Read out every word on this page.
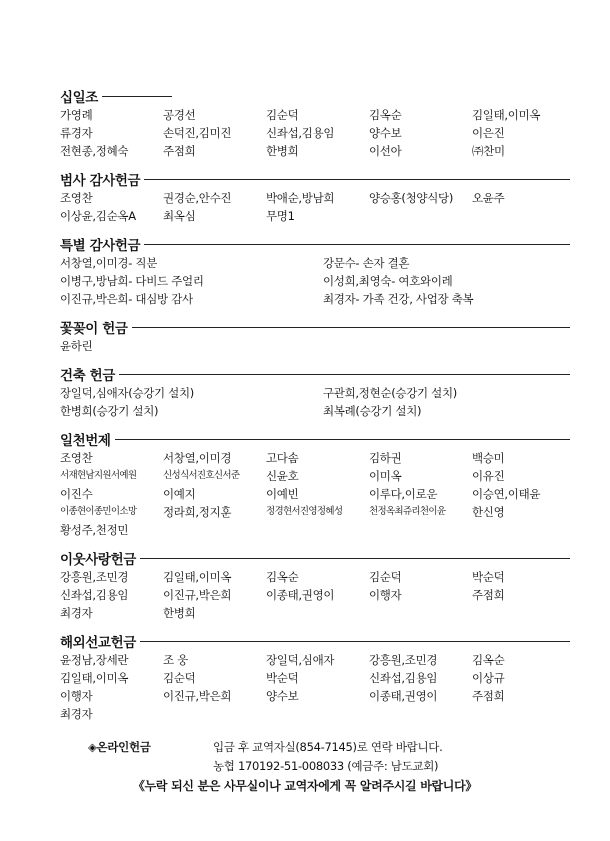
십일조
가영례	공경선	김순덕	김옥순	김일태,이미옥
류경자	손덕진,김미진	신좌섭,김용임	양수보	이은진
전현종,정혜숙	주점희	한병희	이선아	㈜찬미
범사 감사헌금
조영찬	권경순,안수진	박애순,방남희	양승홍(청양식당)	오윤주
이상윤,김순옥A	최옥심	무명1
특별 감사헌금
서창열,이미경- 직분	강문수- 손자 결혼
이병구,방남희- 다비드 주얼리	이성희,최영숙- 여호와이레
이진규,박은희- 대심방 감사	최경자- 가족 건강, 사업장 축복
꽃꽂이 헌금
윤하린
건축 헌금
장일덕,심애자(승강기 설치)	구관희,정현순(승강기 설치)
한병희(승강기 설치)	최복례(승강기 설치)
일천번제
조영찬	서창열,이미경	고다솜	김하권	백승미
서재현남지원서예원	신성식서진호신서준	신윤호	이미옥	이유진
이진수	이예지	이예빈	이루다,이로운	이승연,이태윤
이종현이종민이소망	정라희,정지훈	정경현서진영정혜성	천정옥최쥬리천이윤	한신영
황성주,천정민
이웃사랑헌금
강흥원,조민경	김일태,이미옥	김옥순	김순덕	박순덕
신좌섭,김용임	이진규,박은희	이종태,권영이	이행자	주점희
최경자	한병희
해외선교헌금
윤정남,장세란	조 웅	장일덕,심애자	강흥원,조민경	김옥순
김일태,이미옥	김순덕	박순덕	신좌섭,김용임	이상규
이행자	이진규,박은희	양수보	이종태,권영이	주점희
최경자
◈온라인헌금	입금 후 교역자실(854-7145)로 연락 바랍니다.
농협 170192-51-008033 (예금주: 남도교회)
《누락 되신 분은 사무실이나 교역자에게 꼭 알려주시길 바랍니다》
